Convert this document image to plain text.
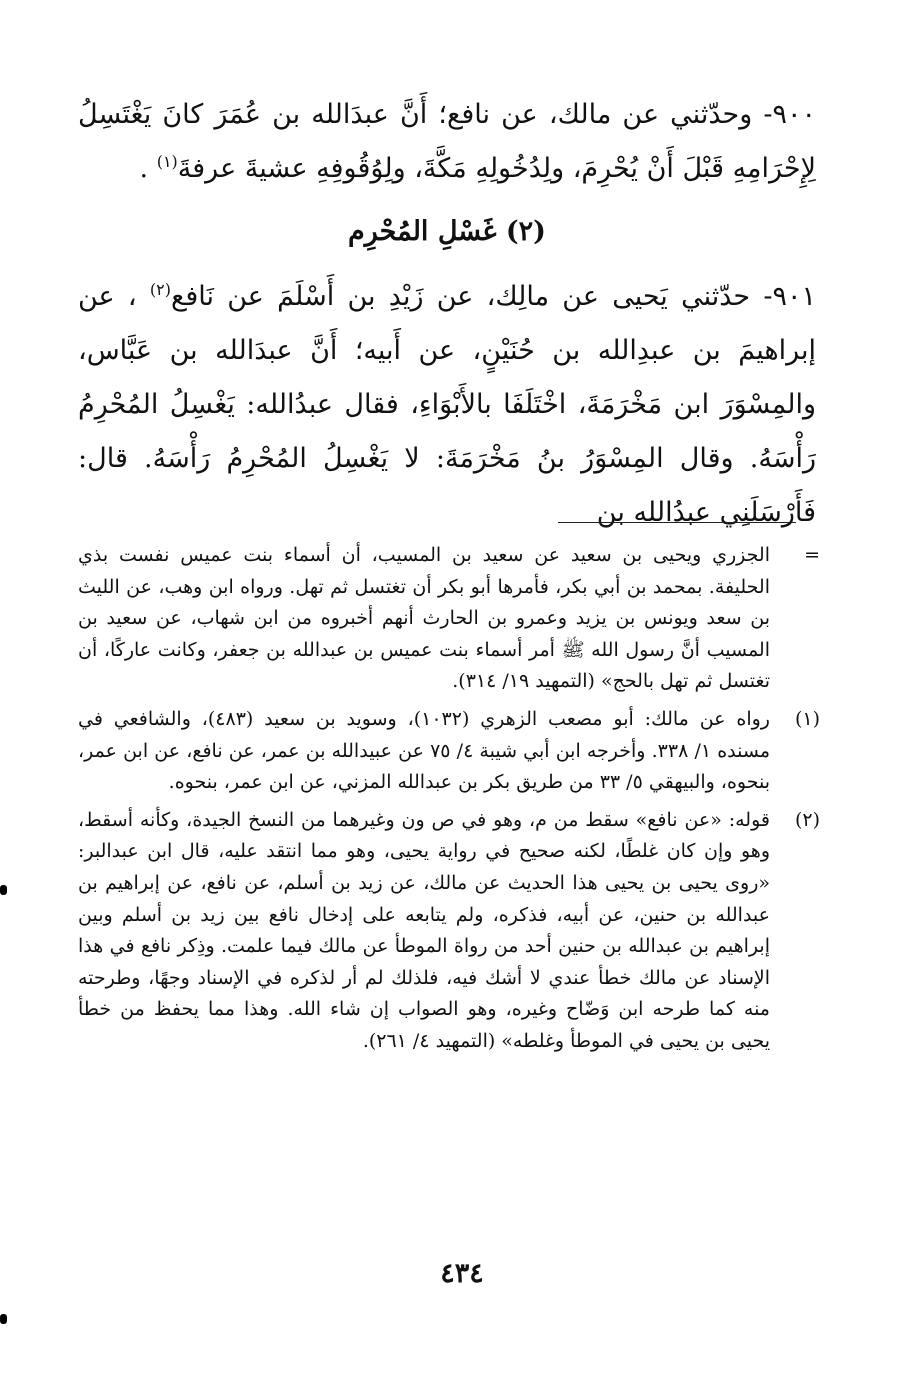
٩٠٠- وحدّثني عن مالك، عن نافع؛ أَنَّ عبدَالله بن عُمَرَ كانَ يَغْتَسِلُ لِإِحْرَامِهِ قَبْلَ أَنْ يُحْرِمَ، ولِدُخُولِهِ مَكَّةَ، ولِوُقُوفِهِ عشيةَ عرفةَ$^{(١)}$ .

(٢) غَسْلِ المُحْرِم

٩٠١- حدّثني يَحيى عن مالِك، عن زَيْدِ بن أَسْلَمَ عن نَافع$^{(٢)}$ ، عن إبراهيمَ بن عبدِالله بن حُنَيْنٍ، عن أَبيه؛ أَنَّ عبدَالله بن عَبَّاس، والمِسْوَرَ ابن مَخْرَمَةَ، اخْتَلَفَا بالأَبْوَاءِ، فقال عبدُالله: يَغْسِلُ المُحْرِمُ رَأْسَهُ. وقال المِسْوَرُ بنُ مَخْرَمَةَ: لا يَغْسِلُ المُحْرِمُ رَأْسَهُ. قال: فَأَرْسَلَنِي عبدُالله بن

=
الجزري ويحيى بن سعيد عن سعيد بن المسيب، أن أسماء بنت عميس نفست بذي الحليفة. بمحمد بن أبي بكر، فأمرها أبو بكر أن تغتسل ثم تهل. ورواه ابن وهب، عن الليث بن سعد ويونس بن يزيد وعمرو بن الحارث أنهم أخبروه من ابن شهاب، عن سعيد بن المسيب أنَّ رسول الله ﷺ أمر أسماء بنت عميس بن عبدالله بن جعفر، وكانت عاركًا، أن تغتسل ثم تهل بالحج» (التمهيد ١٩/ ٣١٤).
(١)
رواه عن مالك: أبو مصعب الزهري (١٠٣٢)، وسويد بن سعيد (٤٨٣)، والشافعي في مسنده ١/ ٣٣٨. وأخرجه ابن أبي شيبة ٤/ ٧٥ عن عبيدالله بن عمر، عن نافع، عن ابن عمر، بنحوه، والبيهقي ٥/ ٣٣ من طريق بكر بن عبدالله المزني، عن ابن عمر، بنحوه.
(٢)
قوله: «عن نافع» سقط من م، وهو في ص ون وغيرهما من النسخ الجيدة، وكأنه أسقط، وهو وإن كان غلطًا، لكنه صحيح في رواية يحيى، وهو مما انتقد عليه، قال ابن عبدالبر: «روى يحيى بن يحيى هذا الحديث عن مالك، عن زيد بن أسلم، عن نافع، عن إبراهيم بن عبدالله بن حنين، عن أبيه، فذكره، ولم يتابعه على إدخال نافع بين زيد بن أسلم وبين إبراهيم بن عبدالله بن حنين أحد من رواة الموطأ عن مالك فيما علمت. وذِكر نافع في هذا الإسناد عن مالك خطأ عندي لا أشك فيه، فلذلك لم أر لذكره في الإسناد وجهًا، وطرحته منه كما طرحه ابن وَضّاح وغيره، وهو الصواب إن شاء الله. وهذا مما يحفظ من خطأ يحيى بن يحيى في الموطأ وغلطه» (التمهيد ٤/ ٢٦١).
٤٣٤
